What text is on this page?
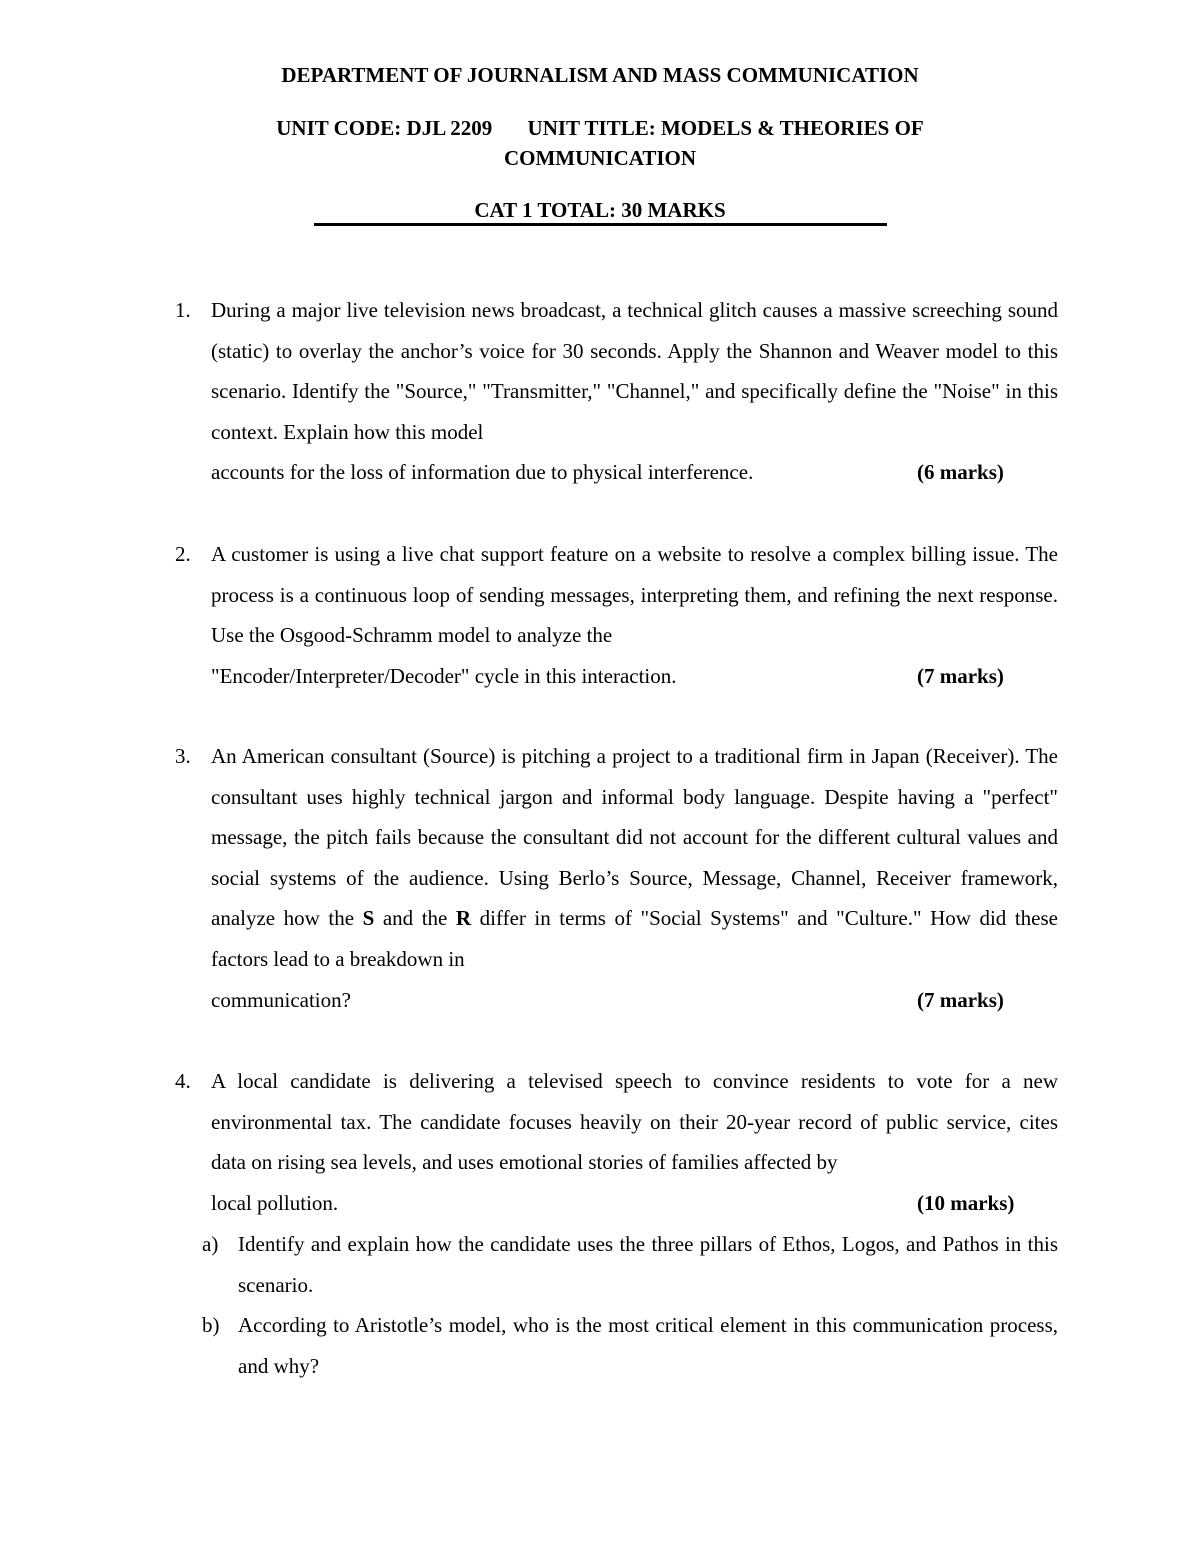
DEPARTMENT OF JOURNALISM AND MASS COMMUNICATION
UNIT CODE: DJL 2209 UNIT TITLE: MODELS & THEORIES OF
COMMUNICATION
CAT 1 TOTAL: 30 MARKS
1. During a major live television news broadcast, a technical glitch causes a massive screeching sound (static) to overlay the anchor’s voice for 30 seconds. Apply the Shannon and Weaver model to this scenario. Identify the "Source," "Transmitter," "Channel," and specifically define the "Noise" in this context. Explain how this model

accounts for the loss of information due to physical interference.	(6 marks)
2. A customer is using a live chat support feature on a website to resolve a complex billing issue. The process is a continuous loop of sending messages, interpreting them, and refining the next response. Use the Osgood-Schramm model to analyze the

"Encoder/Interpreter/Decoder" cycle in this interaction.	(7 marks)
3. An American consultant (Source) is pitching a project to a traditional firm in Japan (Receiver). The consultant uses highly technical jargon and informal body language. Despite having a "perfect" message, the pitch fails because the consultant did not account for the different cultural values and social systems of the audience. Using Berlo’s Source, Message, Channel, Receiver framework, analyze how the S and the R differ in terms of "Social Systems" and "Culture." How did these factors lead to a breakdown in

communication?	(7 marks)
4. A local candidate is delivering a televised speech to convince residents to vote for a new environmental tax. The candidate focuses heavily on their 20-year record of public service, cites data on rising sea levels, and uses emotional stories of families affected by

local pollution.	(10 marks)
a) Identify and explain how the candidate uses the three pillars of Ethos, Logos, and Pathos in this scenario.

b) According to Aristotle’s model, who is the most critical element in this communication process, and why?
